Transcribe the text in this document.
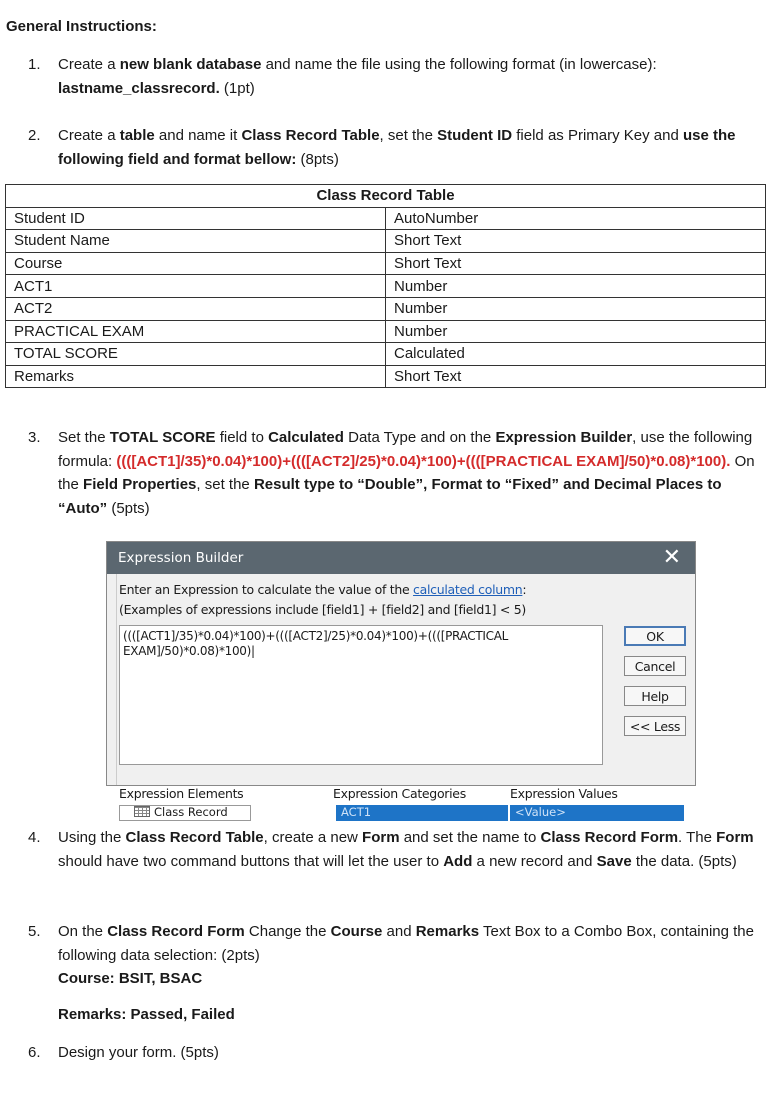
General Instructions:
1. Create a new blank database and name the file using the following format (in lowercase):
lastname_classrecord. (1pt)
2. Create a table and name it Class Record Table, set the Student ID field as Primary Key and use the following field and format bellow: (8pts)
Class Record Table	
Student ID	AutoNumber
Student Name	Short Text
Course	Short Text
ACT1	Number
ACT2	Number
PRACTICAL EXAM	Number
TOTAL SCORE	Calculated
Remarks	Short Text
3. Set the TOTAL SCORE field to Calculated Data Type and on the Expression Builder, use the following formula: ((([ACT1]/35)*0.04)*100)+((([ACT2]/25)*0.04)*100)+((([PRACTICAL EXAM]/50)*0.08)*100). On the Field Properties, set the Result type to “Double”, Format to “Fixed” and Decimal Places to “Auto” (5pts)
Expression Builder	✕
Enter an Expression to calculate the value of the calculated column:
(Examples of expressions include [field1] + [field2] and [field1] < 5)
((([ACT1]/35)*0.04)*100)+((([ACT2]/25)*0.04)*100)+((([PRACTICAL
EXAM]/50)*0.08)*100)|
OK
Cancel
Help
<< Less
Expression Elements	Expression Categories	Expression Values
Class Record	ACT1	<Value>
4. Using the Class Record Table, create a new Form and set the name to Class Record Form. The Form should have two command buttons that will let the user to Add a new record and Save the data. (5pts)
5. On the Class Record Form Change the Course and Remarks Text Box to a Combo Box, containing the following data selection: (2pts)
Course: BSIT, BSAC
Remarks: Passed, Failed
6. Design your form. (5pts)
